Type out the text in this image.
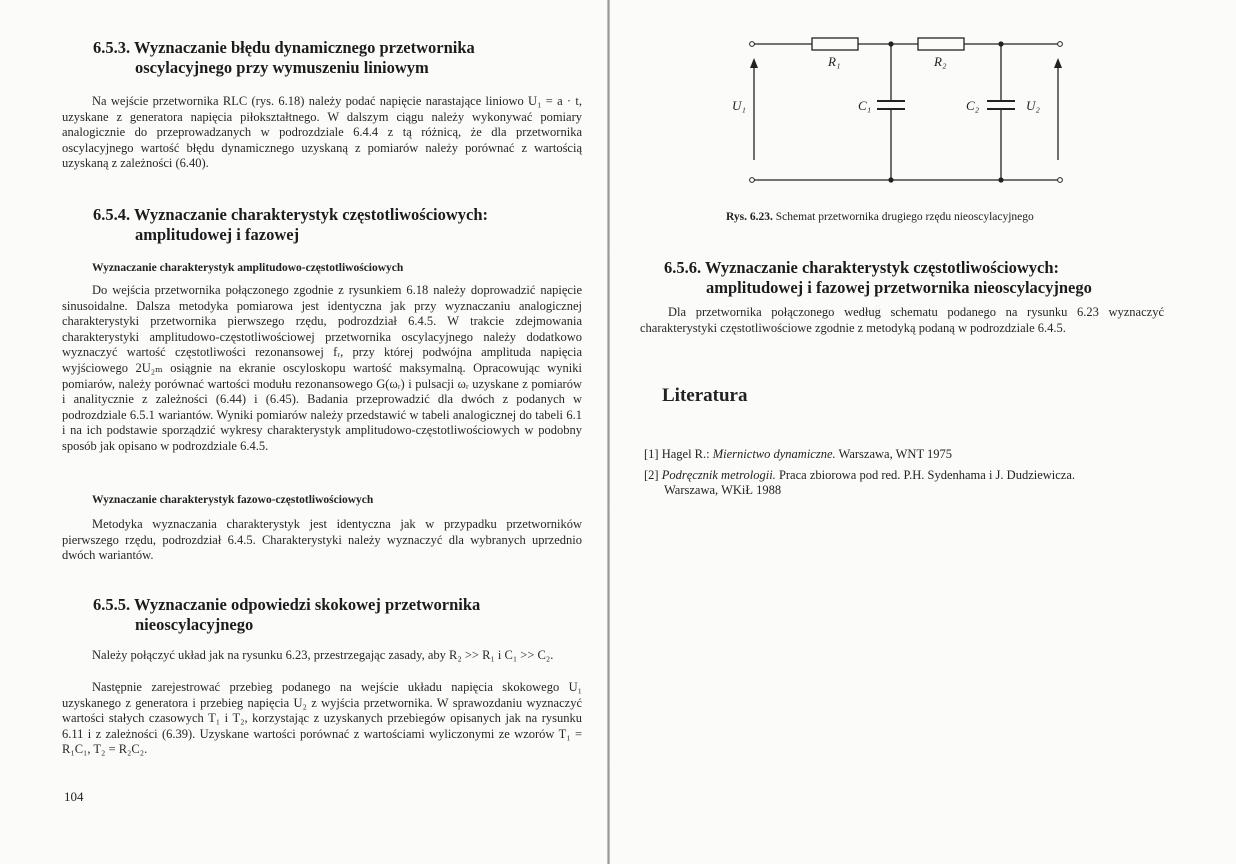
6.5.3. Wyznaczanie błędu dynamicznego przetwornika
oscylacyjnego przy wymuszeniu liniowym

Na wejście przetwornika RLC (rys. 6.18) należy podać napięcie narastające liniowo U₁ = a · t, uzyskane z generatora napięcia piłokształtnego. W dalszym ciągu należy wykonywać pomiary analogicznie do przeprowadzanych w podrozdziale 6.4.4 z tą różnicą, że dla przetwornika oscylacyjnego wartość błędu dynamicznego uzyskaną z pomiarów należy porównać z wartością uzyskaną z zależności (6.40).

6.5.4. Wyznaczanie charakterystyk częstotliwościowych:
amplitudowej i fazowej

Wyznaczanie charakterystyk amplitudowo-częstotliwościowych

Do wejścia przetwornika połączonego zgodnie z rysunkiem 6.18 należy doprowadzić napięcie sinusoidalne. Dalsza metodyka pomiarowa jest identyczna jak przy wyznaczaniu analogicznej charakterystyki przetwornika pierwszego rzędu, podrozdział 6.4.5. W trakcie zdejmowania charakterystyki amplitudowo-częstotliwościowej przetwornika oscylacyjnego należy dodatkowo wyznaczyć wartość częstotliwości rezonansowej fᵣ, przy której podwójna amplituda napięcia wyjściowego 2U₂ₘ osiągnie na ekranie oscyloskopu wartość maksymalną. Opracowując wyniki pomiarów, należy porównać wartości modułu rezonansowego G(ωᵣ) i pulsacji ωᵣ uzyskane z pomiarów i analitycznie z zależności (6.44) i (6.45). Badania przeprowadzić dla dwóch z podanych w podrozdziale 6.5.1 wariantów. Wyniki pomiarów należy przedstawić w tabeli analogicznej do tabeli 6.1 i na ich podstawie sporządzić wykresy charakterystyk amplitudowo-częstotliwościowych w podobny sposób jak opisano w podrozdziale 6.4.5.

Wyznaczanie charakterystyk fazowo-częstotliwościowych

Metodyka wyznaczania charakterystyk jest identyczna jak w przypadku przetworników pierwszego rzędu, podrozdział 6.4.5. Charakterystyki należy wyznaczyć dla wybranych uprzednio dwóch wariantów.

6.5.5. Wyznaczanie odpowiedzi skokowej przetwornika
nieoscylacyjnego

Należy połączyć układ jak na rysunku 6.23, przestrzegając zasady, aby R₂ >> R₁ i C₁ >> C₂.

Następnie zarejestrować przebieg podanego na wejście układu napięcia skokowego U₁ uzyskanego z generatora i przebieg napięcia U₂ z wyjścia przetwornika. W sprawozdaniu wyznaczyć wartości stałych czasowych T₁ i T₂, korzystając z uzyskanych przebiegów opisanych jak na rysunku 6.11 i z zależności (6.39). Uzyskane wartości porównać z wartościami wyliczonymi ze wzorów T₁ = R₁C₁, T₂ = R₂C₂.

104
R₁	R₂
C₁	C₂
U₁	U₂
Rys. 6.23. Schemat przetwornika drugiego rzędu nieoscylacyjnego
6.5.6. Wyznaczanie charakterystyk częstotliwościowych:
amplitudowej i fazowej przetwornika nieoscylacyjnego

Dla przetwornika połączonego według schematu podanego na rysunku 6.23 wyznaczyć charakterystyki częstotliwościowe zgodnie z metodyką podaną w podrozdziale 6.4.5.

Literatura
[1] Hagel R.: Miernictwo dynamiczne. Warszawa, WNT 1975
[2] Podręcznik metrologii. Praca zbiorowa pod red. P.H. Sydenhama i J. Dudziewicza.
Warszawa, WKiŁ 1988
